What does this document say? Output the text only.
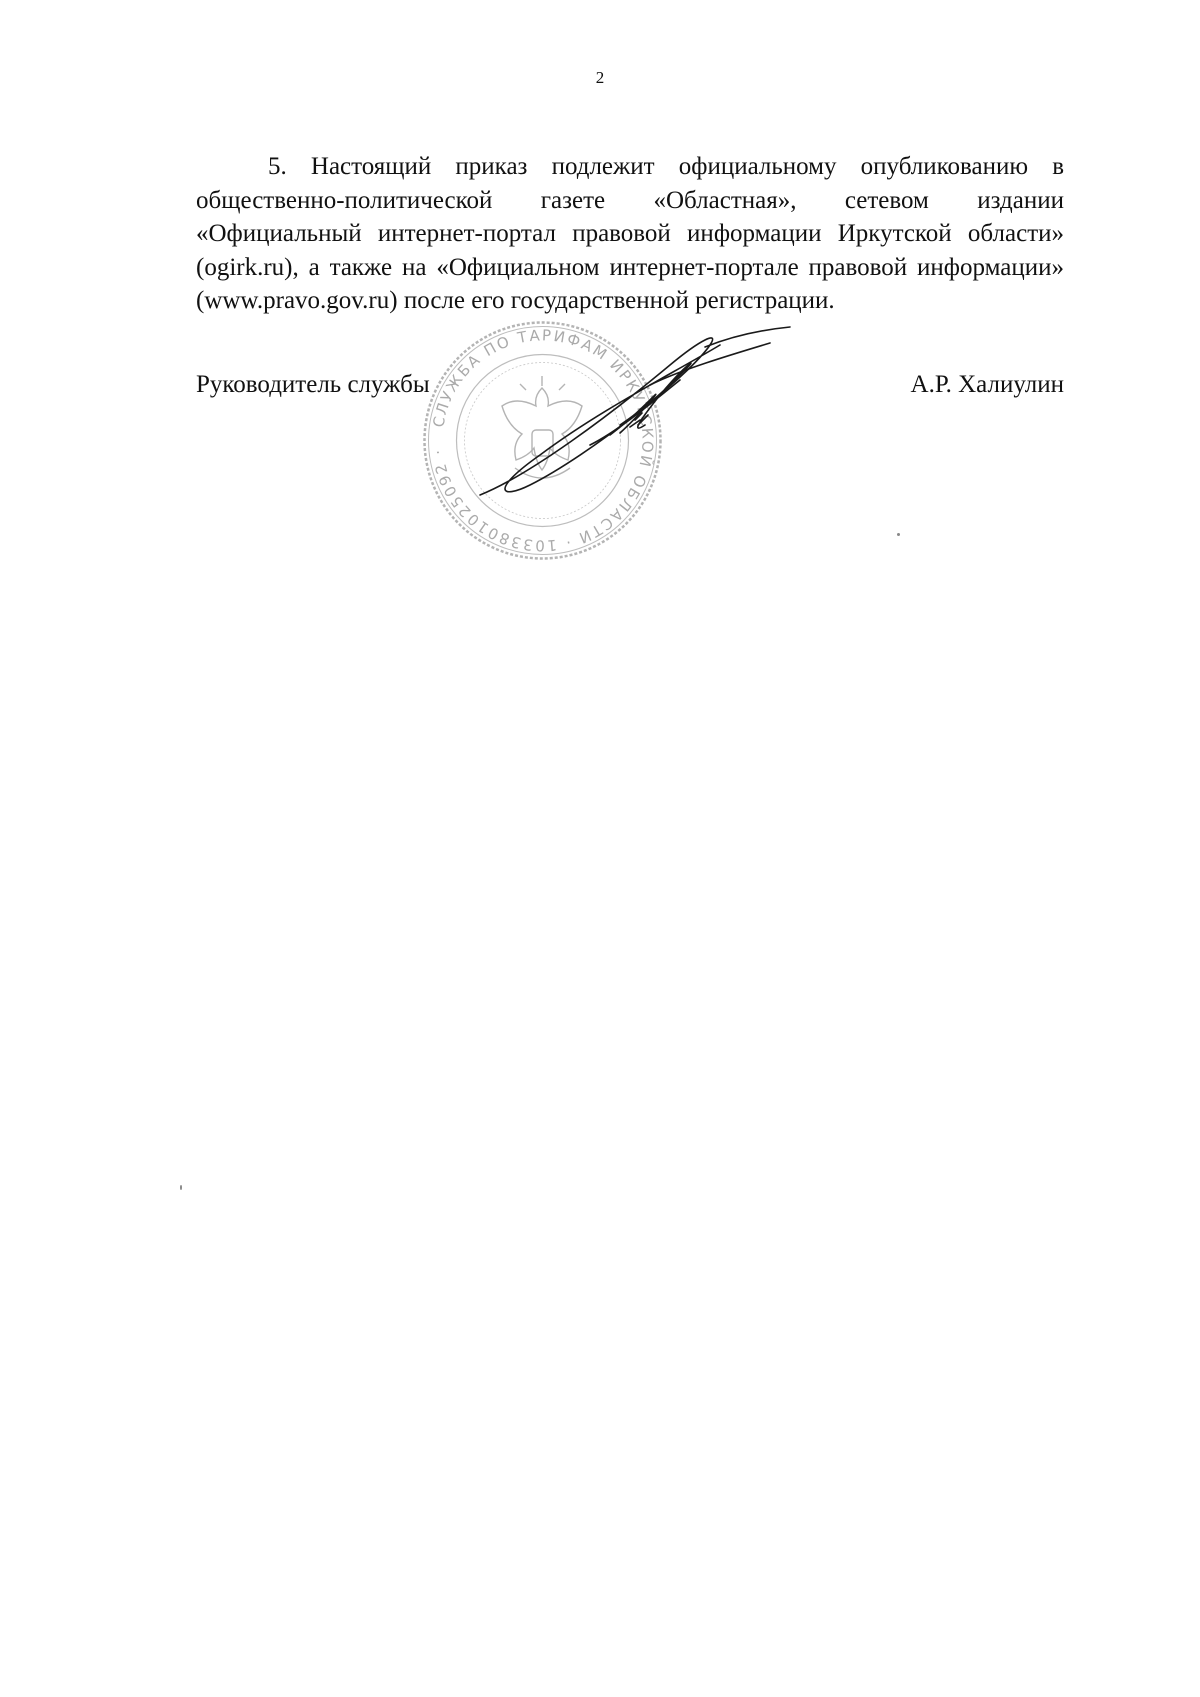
2
5. Настоящий приказ подлежит официальному опубликованию в общественно-политической газете «Областная», сетевом издании «Официальный интернет-портал правовой информации Иркутской области» (ogirk.ru), а также на «Официальном интернет-портале правовой информации» (www.pravo.gov.ru) после его государственной регистрации.
Руководитель службы	А.Р. Халиулин
СЛУЖБА ПО ТАРИФАМ ИРКУТСКОЙ ОБЛАСТИ · 1033801025092 ·
